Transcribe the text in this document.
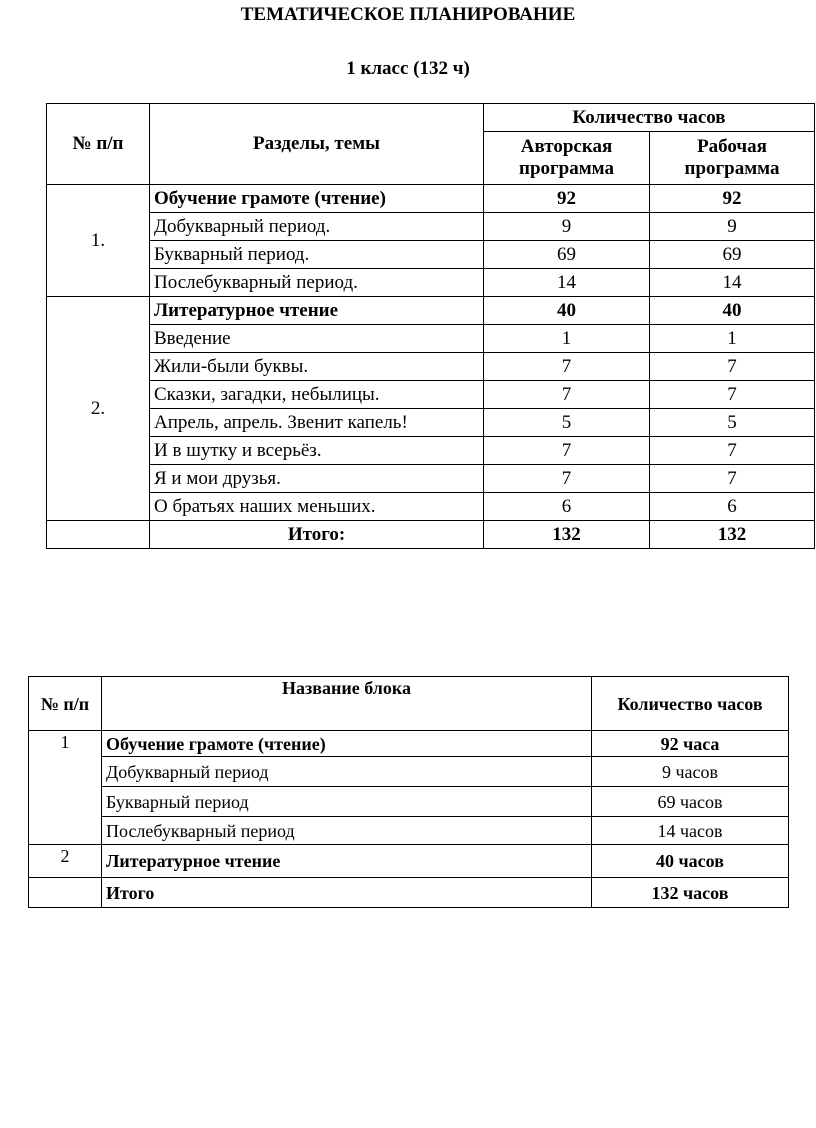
ТЕМАТИЧЕСКОЕ ПЛАНИРОВАНИЕ
1 класс (132 ч)
№ п/п	Разделы, темы	Количество часов	
		Авторская программа	Рабочая программа
1.	Обучение грамоте (чтение)	92	92
	Добукварный период.	9	9
	Букварный период.	69	69
	Послебукварный период.	14	14
2.	Литературное чтение	40	40
	Введение	1	1
	Жили-были буквы.	7	7
	Сказки, загадки, небылицы.	7	7
	Апрель, апрель. Звенит капель!	5	5
	И в шутку и всерьёз.	7	7
	Я и мои друзья.	7	7
	О братьях наших меньших.	6	6
	Итого:	132	132
№ п/п	Название блока	Количество часов
1	Обучение грамоте (чтение)	92 часа
	Добукварный период	9 часов
	Букварный период	69 часов
	Послебукварный период	14 часов
2	Литературное чтение	40 часов
	Итого	132 часов
